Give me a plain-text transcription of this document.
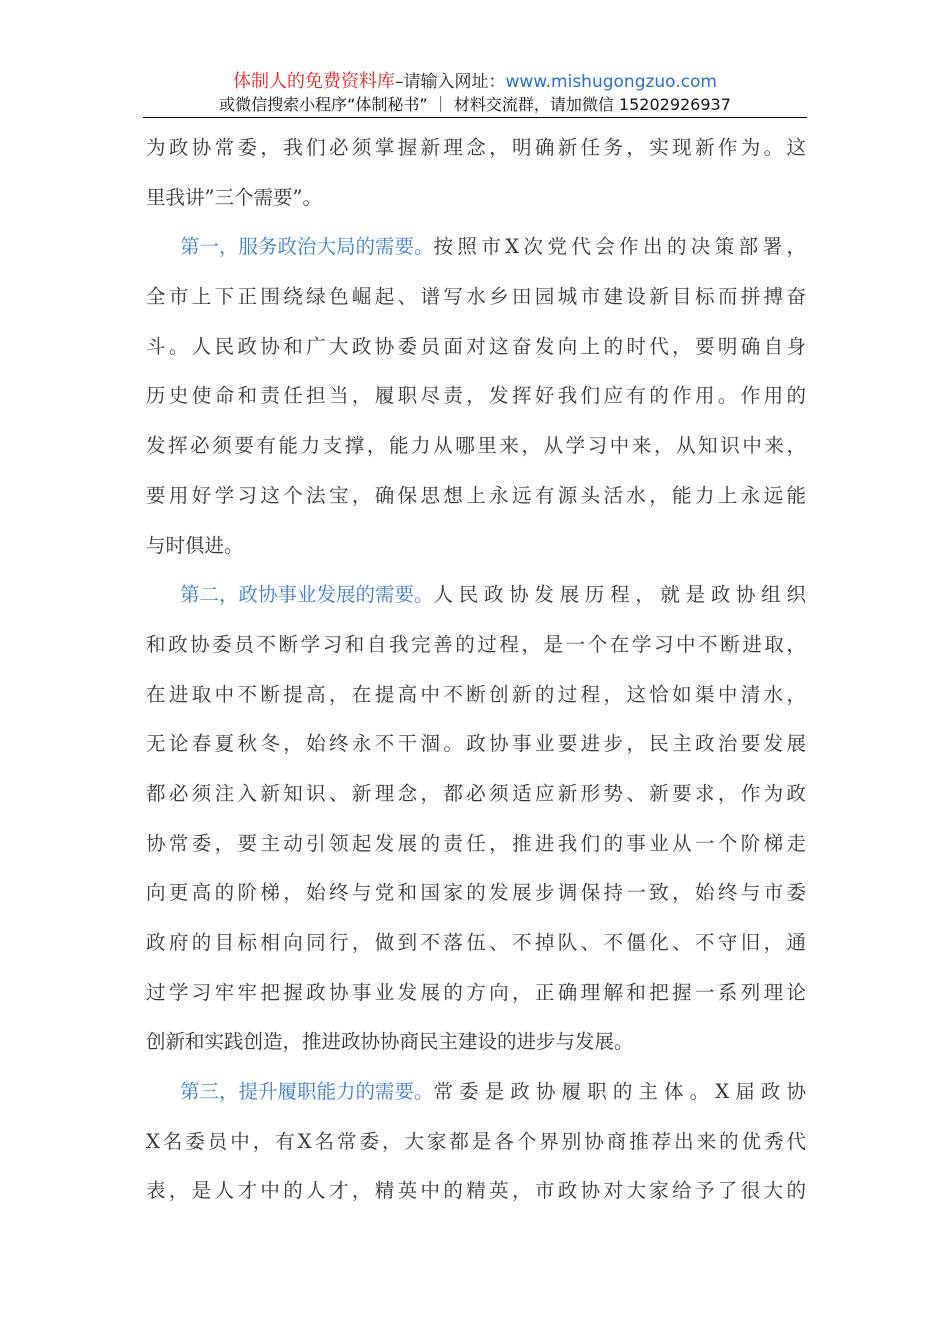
体制人的免费资料库–请输入网址：www.mishugongzuo.com
或微信搜索小程序“体制秘书” ｜ 材料交流群，请加微信 15202926937
为政协常委，我们必须掌握新理念，明确新任务，实现新作为。这
里我讲”三个需要”。
第一，服务政治大局的需要。 按照市X次党代会作出的决策部署，
全市上下正围绕绿色崛起、谱写水乡田园城市建设新目标而拼搏奋
斗。人民政协和广大政协委员面对这奋发向上的时代，要明确自身
历史使命和责任担当，履职尽责，发挥好我们应有的作用。作用的
发挥必须要有能力支撑，能力从哪里来，从学习中来，从知识中来，
要用好学习这个法宝，确保思想上永远有源头活水，能力上永远能
与时俱进。
第二，政协事业发展的需要。 人民政协发展历程，就是政协组织
和政协委员不断学习和自我完善的过程，是一个在学习中不断进取，
在进取中不断提高，在提高中不断创新的过程，这恰如渠中清水，
无论春夏秋冬，始终永不干涸。政协事业要进步，民主政治要发展
都必须注入新知识、新理念，都必须适应新形势、新要求，作为政
协常委，要主动引领起发展的责任，推进我们的事业从一个阶梯走
向更高的阶梯，始终与党和国家的发展步调保持一致，始终与市委
政府的目标相向同行，做到不落伍、不掉队、不僵化、不守旧，通
过学习牢牢把握政协事业发展的方向，正确理解和把握一系列理论
创新和实践创造，推进政协协商民主建设的进步与发展。
第三，提升履职能力的需要。 常委是政协履职的主体。X届政协
X名委员中，有X名常委，大家都是各个界别协商推荐出来的优秀代
表，是人才中的人才，精英中的精英，市政协对大家给予了很大的
